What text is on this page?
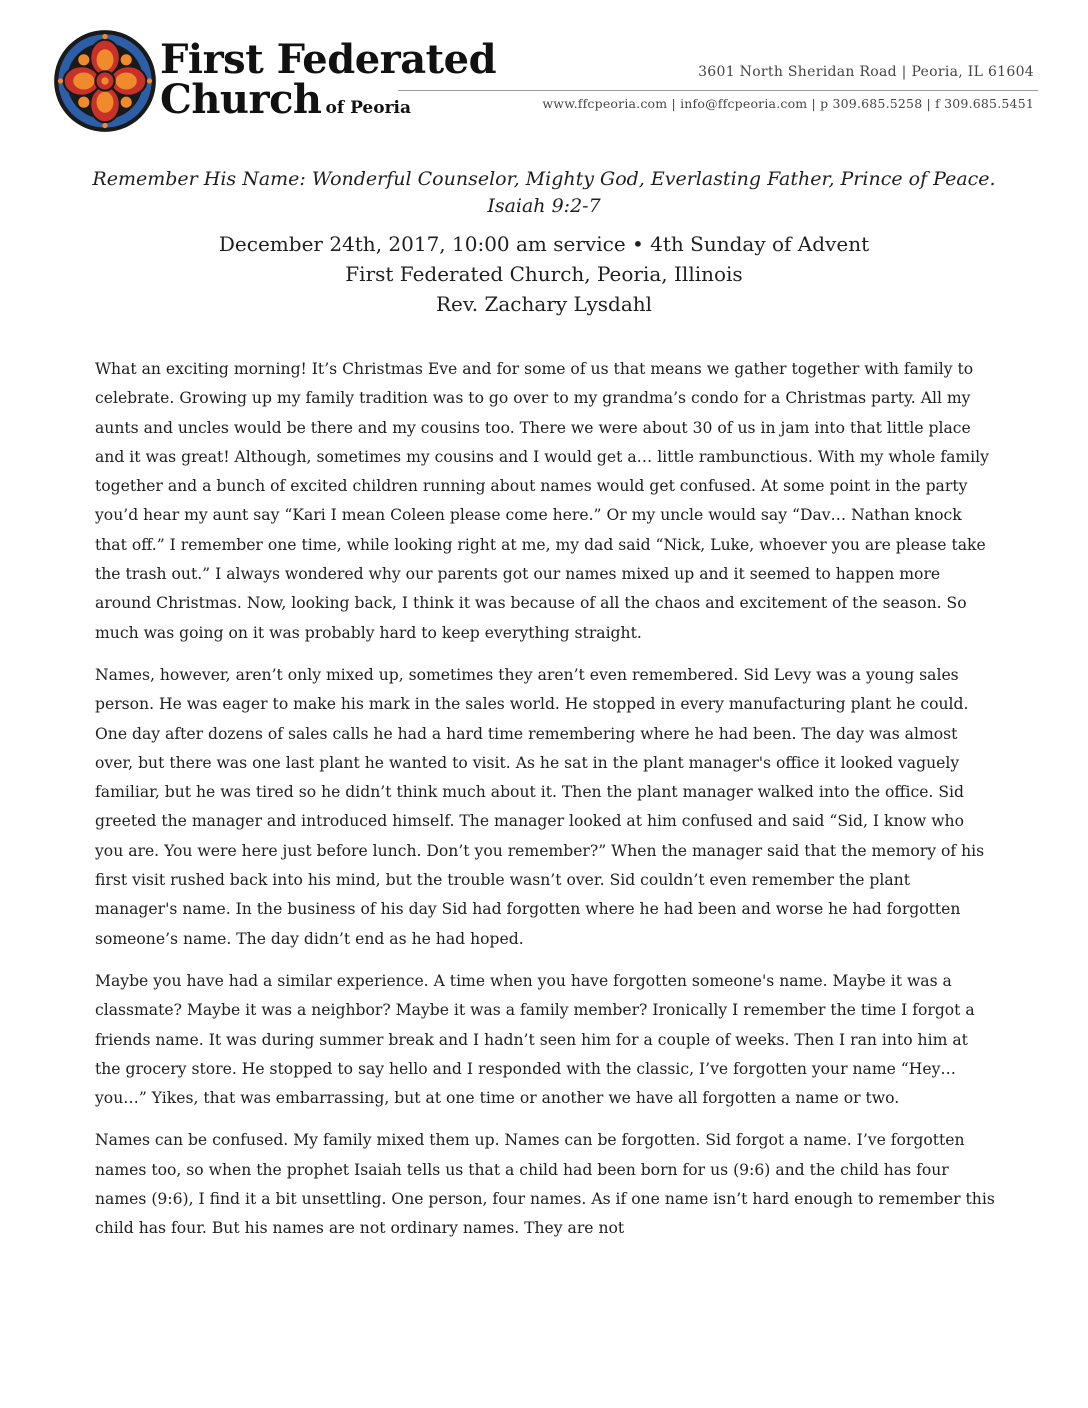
First Federated
Church of Peoria
3601 North Sheridan Road | Peoria, IL 61604
www.ffcpeoria.com | info@ffcpeoria.com | p 309.685.5258 | f 309.685.5451
Remember His Name: Wonderful Counselor, Mighty God, Everlasting Father, Prince of Peace.
Isaiah 9:2-7
December 24th, 2017, 10:00 am service • 4th Sunday of Advent
First Federated Church, Peoria, Illinois
Rev. Zachary Lysdahl

What an exciting morning! It’s Christmas Eve and for some of us that means we gather together with family to celebrate. Growing up my family tradition was to go over to my grandma’s condo for a Christmas party. All my aunts and uncles would be there and my cousins too. There we were about 30 of us in jam into that little place and it was great! Although, sometimes my cousins and I would get a… little rambunctious. With my whole family together and a bunch of excited children running about names would get confused. At some point in the party you’d hear my aunt say “Kari I mean Coleen please come here.” Or my uncle would say “Dav… Nathan knock that off.” I remember one time, while looking right at me, my dad said “Nick, Luke, whoever you are please take the trash out.” I always wondered why our parents got our names mixed up and it seemed to happen more around Christmas. Now, looking back, I think it was because of all the chaos and excitement of the season. So much was going on it was probably hard to keep everything straight.

Names, however, aren’t only mixed up, sometimes they aren’t even remembered. Sid Levy was a young sales person. He was eager to make his mark in the sales world. He stopped in every manufacturing plant he could. One day after dozens of sales calls he had a hard time remembering where he had been. The day was almost over, but there was one last plant he wanted to visit. As he sat in the plant manager's office it looked vaguely familiar, but he was tired so he didn’t think much about it. Then the plant manager walked into the office. Sid greeted the manager and introduced himself. The manager looked at him confused and said “Sid, I know who you are. You were here just before lunch. Don’t you remember?” When the manager said that the memory of his first visit rushed back into his mind, but the trouble wasn’t over. Sid couldn’t even remember the plant manager's name. In the business of his day Sid had forgotten where he had been and worse he had forgotten someone’s name. The day didn’t end as he had hoped.

Maybe you have had a similar experience. A time when you have forgotten someone's name. Maybe it was a classmate? Maybe it was a neighbor? Maybe it was a family member? Ironically I remember the time I forgot a friends name. It was during summer break and I hadn’t seen him for a couple of weeks. Then I ran into him at the grocery store. He stopped to say hello and I responded with the classic, I’ve forgotten your name “Hey… you…” Yikes, that was embarrassing, but at one time or another we have all forgotten a name or two.

Names can be confused. My family mixed them up. Names can be forgotten. Sid forgot a name. I’ve forgotten names too, so when the prophet Isaiah tells us that a child had been born for us (9:6) and the child has four names (9:6), I find it a bit unsettling. One person, four names. As if one name isn’t hard enough to remember this child has four. But his names are not ordinary names. They are not
